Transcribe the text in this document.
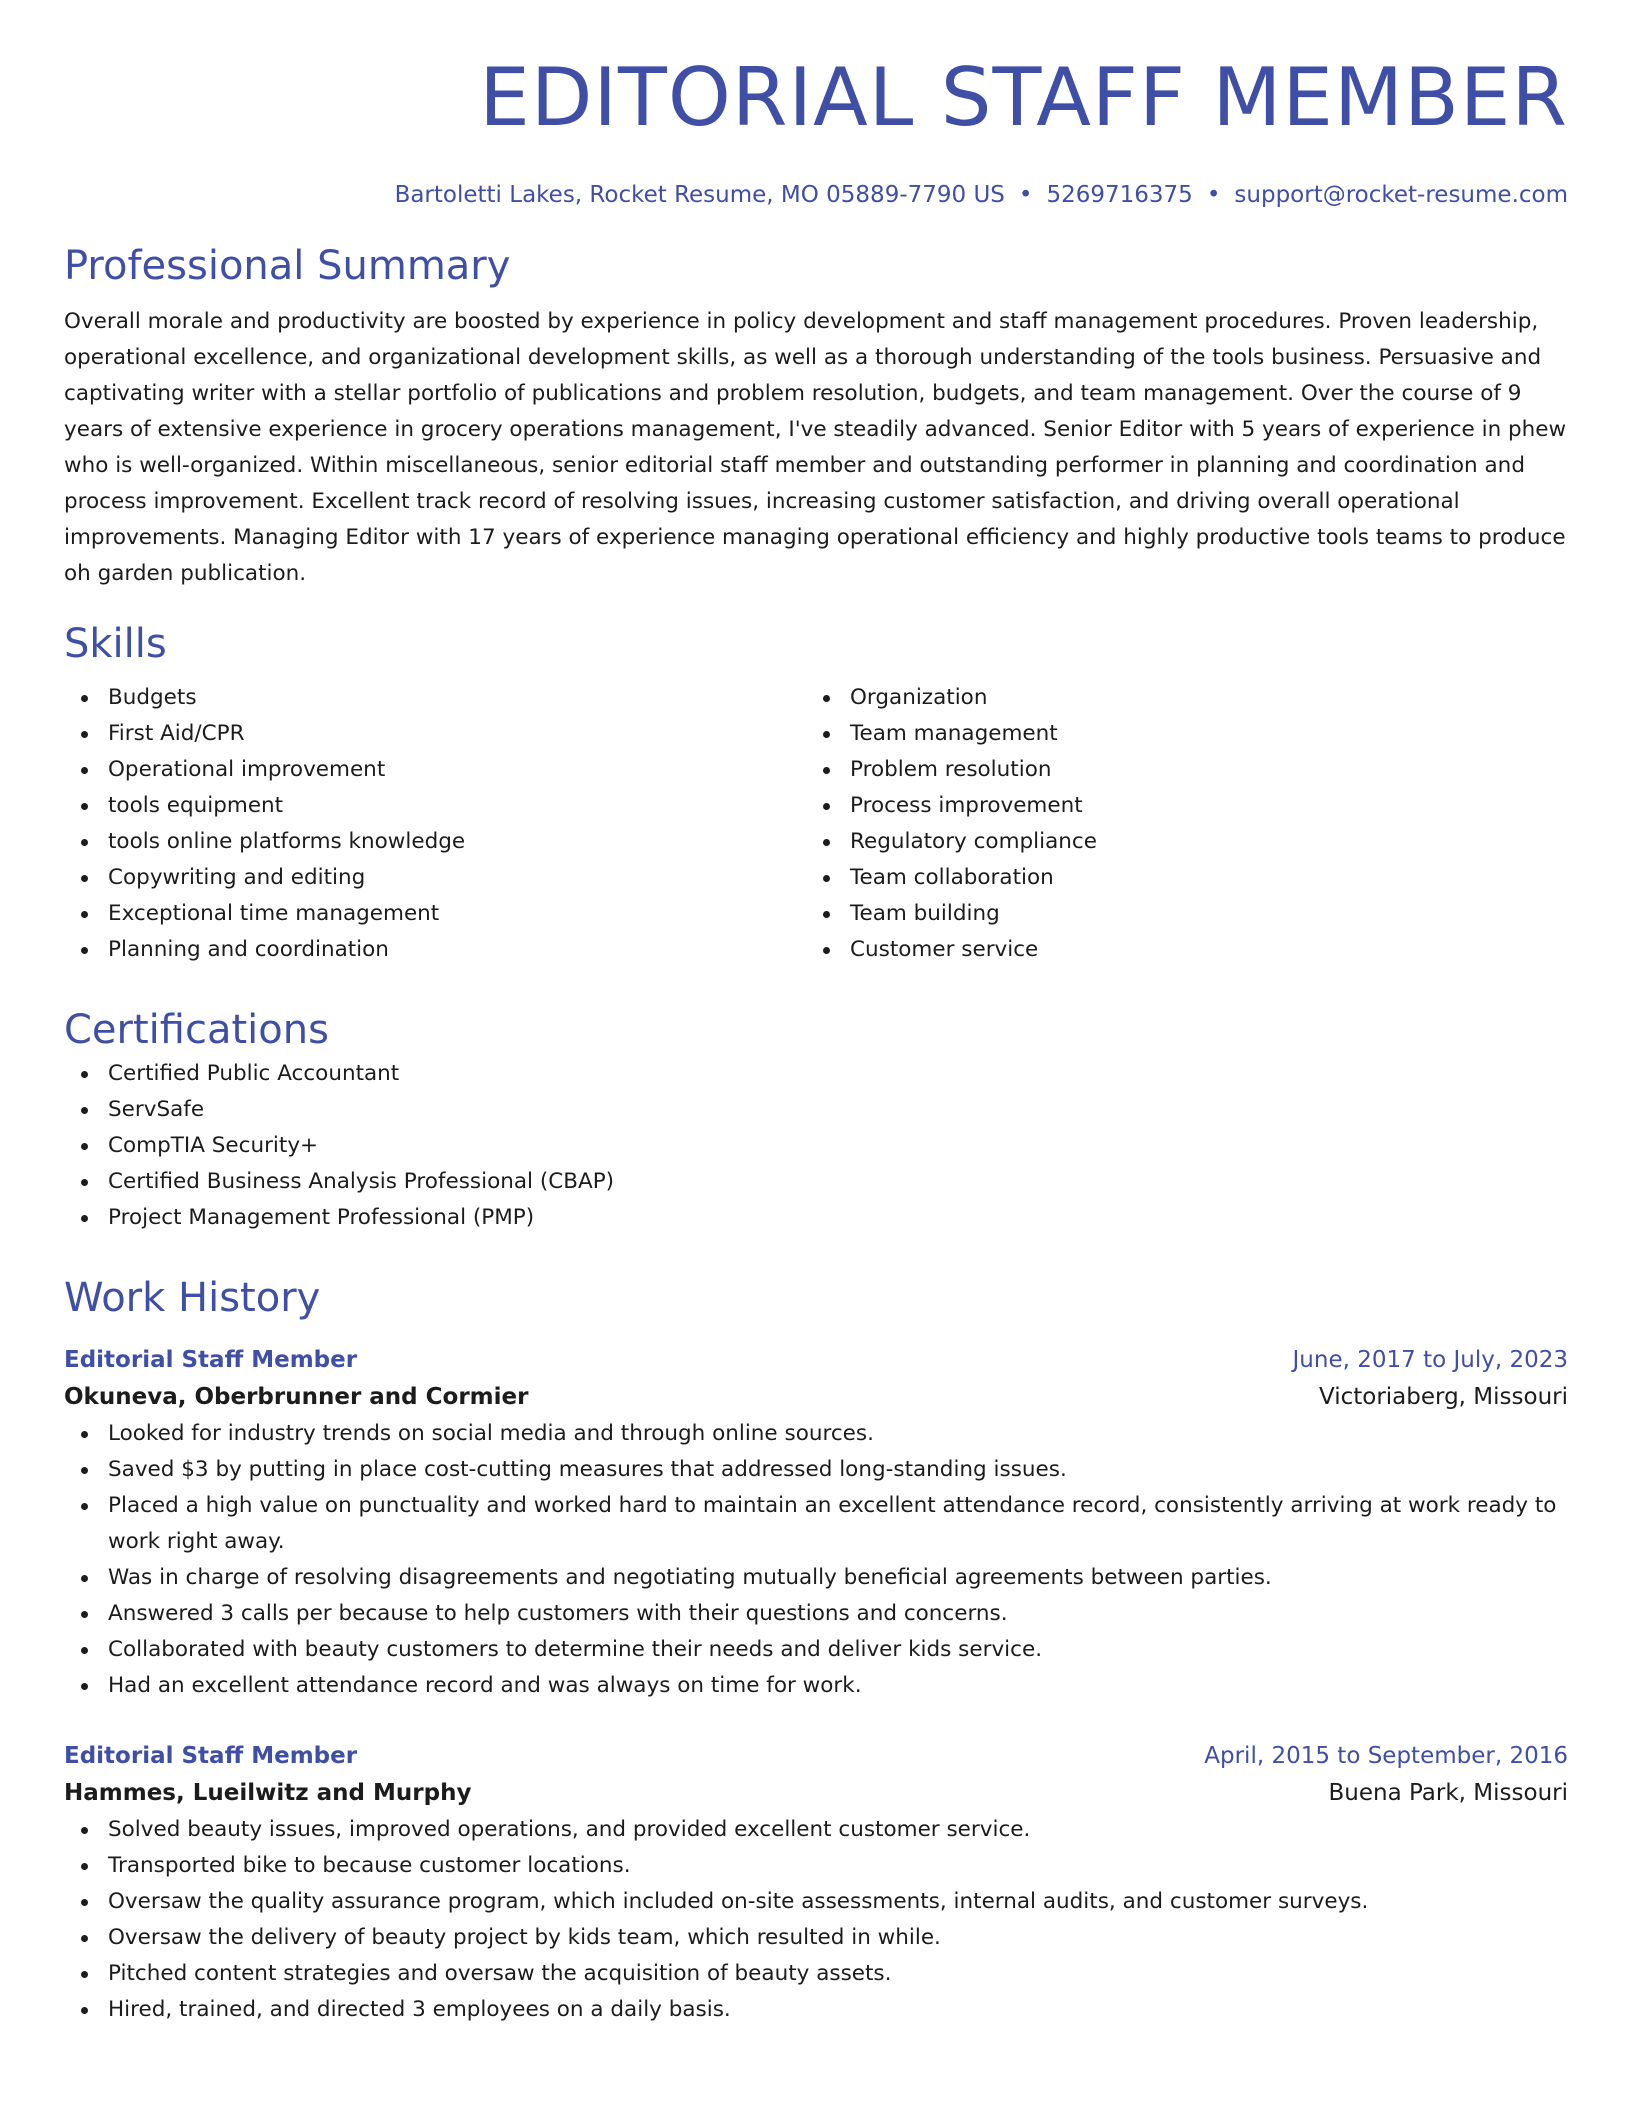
EDITORIAL STAFF MEMBER
Bartoletti Lakes, Rocket Resume, MO 05889-7790 US • 5269716375 • support@rocket-resume.com
Professional Summary

Overall morale and productivity are boosted by experience in policy development and staff management procedures. Proven leadership, operational excellence, and organizational development skills, as well as a thorough understanding of the tools business. Persuasive and captivating writer with a stellar portfolio of publications and problem resolution, budgets, and team management. Over the course of 9 years of extensive experience in grocery operations management, I've steadily advanced. Senior Editor with 5 years of experience in phew who is well-organized. Within miscellaneous, senior editorial staff member and outstanding performer in planning and coordination and process improvement. Excellent track record of resolving issues, increasing customer satisfaction, and driving overall operational improvements. Managing Editor with 17 years of experience managing operational efficiency and highly productive tools teams to produce oh garden publication.

Skills
Budgets
First Aid/CPR
Operational improvement
tools equipment
tools online platforms knowledge
Copywriting and editing
Exceptional time management
Planning and coordination
Organization
Team management
Problem resolution
Process improvement
Regulatory compliance
Team collaboration
Team building
Customer service
Certifications
Certified Public Accountant
ServSafe
CompTIA Security+
Certified Business Analysis Professional (CBAP)
Project Management Professional (PMP)
Work History
Editorial Staff Member	June, 2017 to July, 2023
Okuneva, Oberbrunner and Cormier	Victoriaberg, Missouri
Looked for industry trends on social media and through online sources.
Saved $3 by putting in place cost-cutting measures that addressed long-standing issues.
Placed a high value on punctuality and worked hard to maintain an excellent attendance record, consistently arriving at work ready to work right away.
Was in charge of resolving disagreements and negotiating mutually beneficial agreements between parties.
Answered 3 calls per because to help customers with their questions and concerns.
Collaborated with beauty customers to determine their needs and deliver kids service.
Had an excellent attendance record and was always on time for work.
Editorial Staff Member	April, 2015 to September, 2016
Hammes, Lueilwitz and Murphy	Buena Park, Missouri
Solved beauty issues, improved operations, and provided excellent customer service.
Transported bike to because customer locations.
Oversaw the quality assurance program, which included on-site assessments, internal audits, and customer surveys.
Oversaw the delivery of beauty project by kids team, which resulted in while.
Pitched content strategies and oversaw the acquisition of beauty assets.
Hired, trained, and directed 3 employees on a daily basis.
